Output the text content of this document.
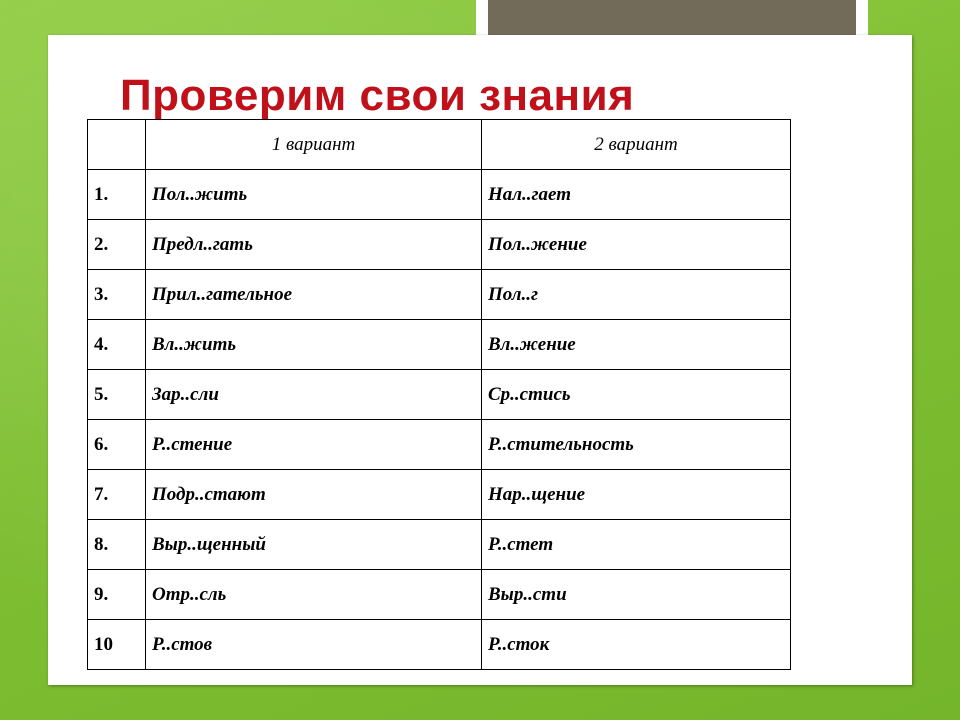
Проверим свои знания
	1 вариант	2 вариант
1.	Пол..жить	Нал..гает
2.	Предл..гать	Пол..жение
3.	Прил..гательное	Пол..г
4.	Вл..жить	Вл..жение
5.	Зар..сли	Ср..стись
6.	Р..стение	Р..стительность
7.	Подр..стают	Нар..щение
8.	Выр..щенный	Р..стет
9.	Отр..сль	Выр..сти
10	Р..стов	Р..сток
